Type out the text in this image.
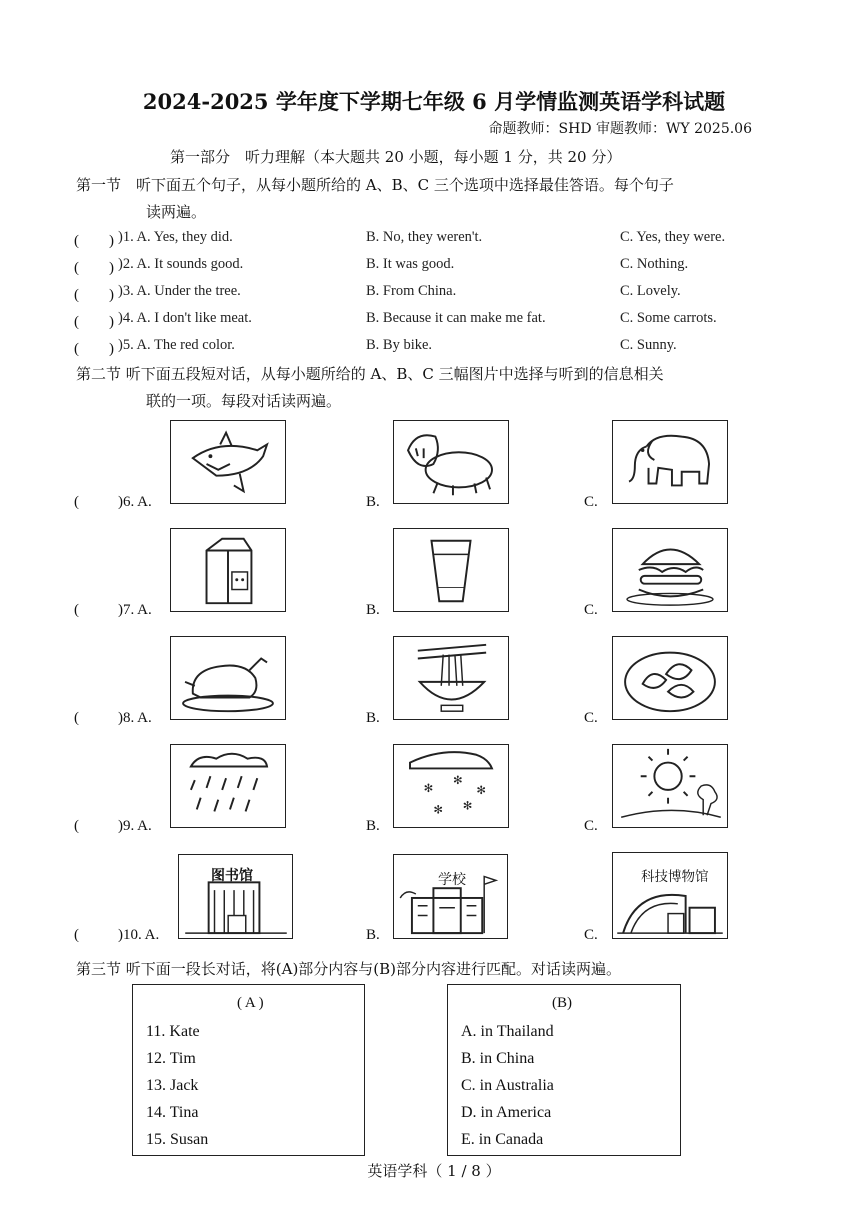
2024-2025 学年度下学期七年级 6 月学情监测英语学科试题
命题教师：SHD 审题教师：WY 2025.06
第一部分　听力理解（本大题共 20 小题，每小题 1 分，共 20 分）
第一节　听下面五个句子，从每小题所给的 A、B、C 三个选项中选择最佳答语。每个句子
读两遍。
(　　) )1. A. Yes, they did.	B. No, they weren't.	C. Yes, they were.
(　　) )2. A. It sounds good.	B. It was good.	C. Nothing.
(　　) )3. A. Under the tree.	B. From China.	C. Lovely.
(　　) )4. A. I don't like meat.	B. Because it can make me fat.	C. Some carrots.
(　　) )5. A. The red color.	B. By bike.	C. Sunny.
第二节 听下面五段短对话，从每小题所给的 A、B、C 三幅图片中选择与听到的信息相关
联的一项。每段对话读两遍。
(	)6. A.	B.	C.
(	)7. A.	B.	C.
(	)8. A.	B.	C.
(	)9. A.	B.	C.
✻
✻
✻
✻ ✻
(	)10. A.	B.	C.
图书馆	学校	科技博物馆
第三节 听下面一段长对话，将(A)部分内容与(B)部分内容进行匹配。对话读两遍。
( A )
11. Kate
12. Tim
13. Jack
14. Tina
15. Susan
(B)
A. in Thailand
B. in China
C. in Australia
D. in America
E. in Canada
英语学科（ 1 / 8 ）
